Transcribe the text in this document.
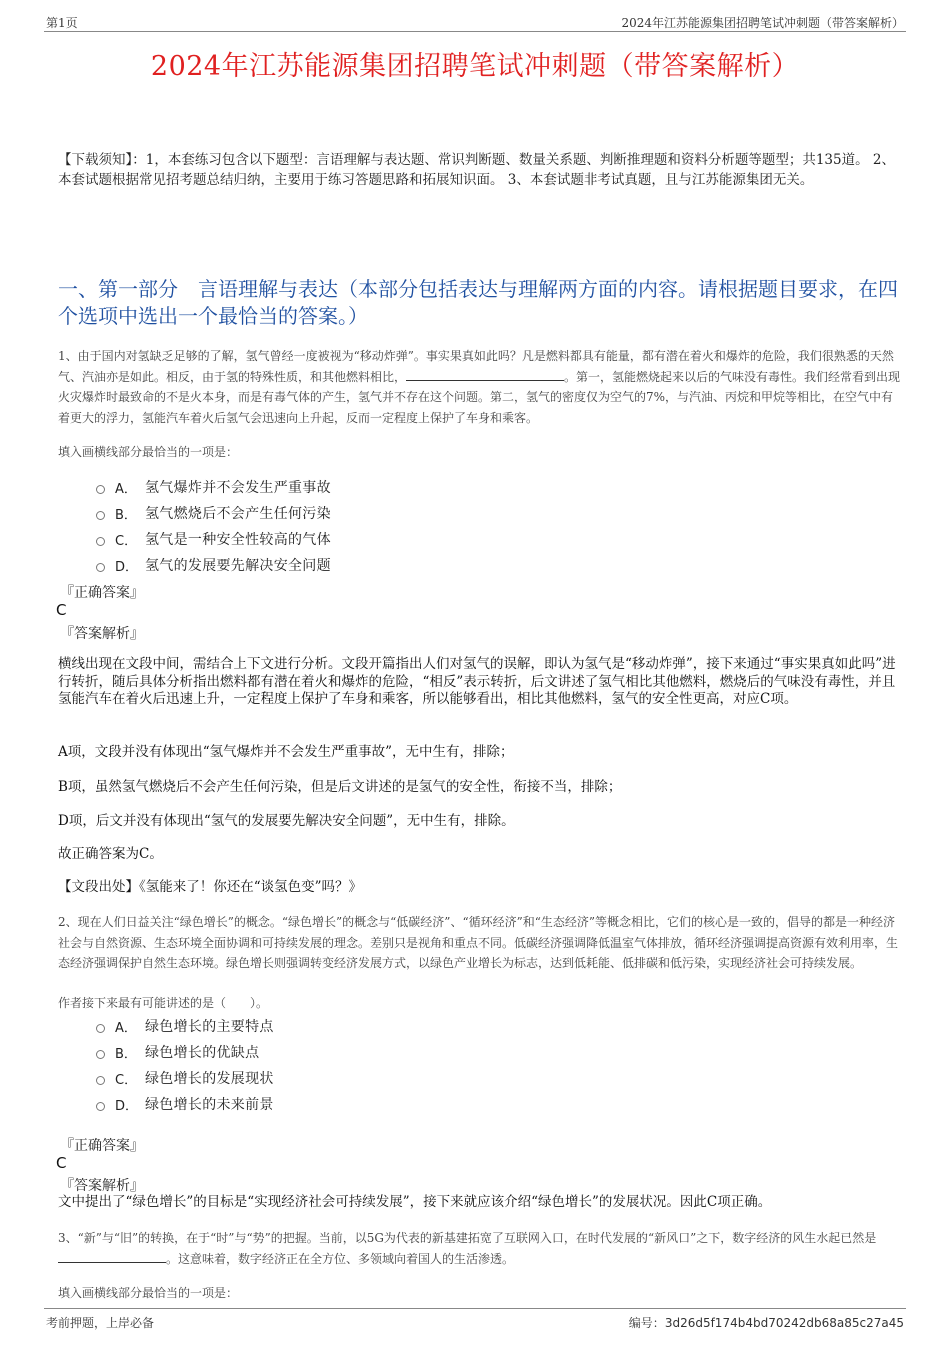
第1页	2024年江苏能源集团招聘笔试冲刺题（带答案解析）
2024年江苏能源集团招聘笔试冲刺题（带答案解析）
【下载须知】：1，本套练习包含以下题型：言语理解与表达题、常识判断题、数量关系题、判断推理题和资料分析题等题型；共135道。 2、本套试题根据常见招考题总结归纳，主要用于练习答题思路和拓展知识面。 3、本套试题非考试真题，且与江苏能源集团无关。
一、第一部分　言语理解与表达（本部分包括表达与理解两方面的内容。请根据题目要求，在四个选项中选出一个最恰当的答案。）
1、由于国内对氢缺乏足够的了解，氢气曾经一度被视为“移动炸弹”。事实果真如此吗？凡是燃料都具有能量，都有潜在着火和爆炸的危险，我们很熟悉的天然气、汽油亦是如此。相反，由于氢的特殊性质，和其他燃料相比，	。第一，氢能燃烧起来以后的气味没有毒性。我们经常看到出现火灾爆炸时最致命的不是火本身，而是有毒气体的产生，氢气并不存在这个问题。第二，氢气的密度仅为空气的7%，与汽油、丙烷和甲烷等相比，在空气中有着更大的浮力，氢能汽车着火后氢气会迅速向上升起，反而一定程度上保护了车身和乘客。
填入画横线部分最恰当的一项是：
A． 氢气爆炸并不会发生严重事故
B． 氢气燃烧后不会产生任何污染
C． 氢气是一种安全性较高的气体
D． 氢气的发展要先解决安全问题
『正确答案』
C
『答案解析』
横线出现在文段中间，需结合上下文进行分析。文段开篇指出人们对氢气的误解，即认为氢气是“移动炸弹”，接下来通过“事实果真如此吗”进行转折，随后具体分析指出燃料都有潜在着火和爆炸的危险，“相反”表示转折，后文讲述了氢气相比其他燃料，燃烧后的气味没有毒性，并且氢能汽车在着火后迅速上升，一定程度上保护了车身和乘客，所以能够看出，相比其他燃料，氢气的安全性更高，对应C项。
A项，文段并没有体现出“氢气爆炸并不会发生严重事故”，无中生有，排除；
B项，虽然氢气燃烧后不会产生任何污染，但是后文讲述的是氢气的安全性，衔接不当，排除；
D项，后文并没有体现出“氢气的发展要先解决安全问题”，无中生有，排除。
故正确答案为C。
【文段出处】《氢能来了！你还在“谈氢色变”吗？》
2、现在人们日益关注“绿色增长”的概念。“绿色增长”的概念与“低碳经济”、“循环经济”和“生态经济”等概念相比，它们的核心是一致的，倡导的都是一种经济社会与自然资源、生态环境全面协调和可持续发展的理念。差别只是视角和重点不同。低碳经济强调降低温室气体排放，循环经济强调提高资源有效利用率，生态经济强调保护自然生态环境。绿色增长则强调转变经济发展方式，以绿色产业增长为标志，达到低耗能、低排碳和低污染，实现经济社会可持续发展。
作者接下来最有可能讲述的是（　　）。
A． 绿色增长的主要特点
B． 绿色增长的优缺点
C． 绿色增长的发展现状
D． 绿色增长的未来前景
『正确答案』
C
『答案解析』
文中提出了“绿色增长”的目标是“实现经济社会可持续发展”，接下来就应该介绍“绿色增长”的发展状况。因此C项正确。
3、“新”与“旧”的转换，在于“时”与“势”的把握。当前，以5G为代表的新基建拓宽了互联网入口，在时代发展的“新风口”之下，数字经济的风生水起已然是。这意味着，数字经济正在全方位、多领域向着国人的生活渗透。
填入画横线部分最恰当的一项是：
考前押题，上岸必备	编号：3d26d5f174b4bd70242db68a85c27a45
